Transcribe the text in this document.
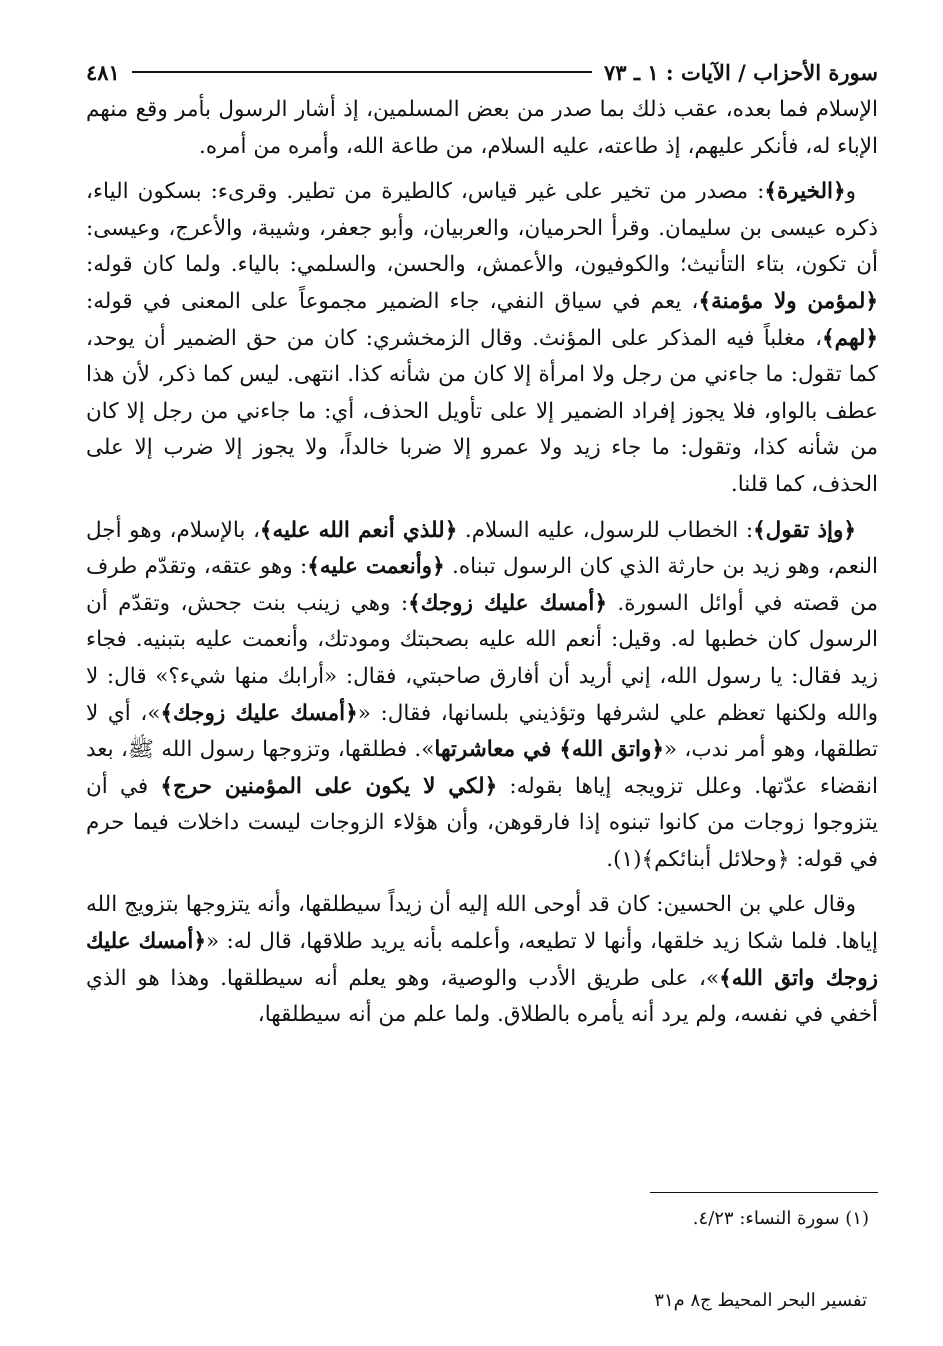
سورة الأحزاب / الآيات : ١ ـ ٧٣
٤٨١

الإسلام فما بعده، عقب ذلك بما صدر من بعض المسلمين، إذ أشار الرسول بأمر وقع منهم الإباء له، فأنكر عليهم، إذ طاعته، عليه السلام، من طاعة الله، وأمره من أمره.

و﴿الخيرة﴾: مصدر من تخير على غير قياس، كالطيرة من تطير. وقرىء: بسكون الياء، ذكره عيسى بن سليمان. وقرأ الحرميان، والعربيان، وأبو جعفر، وشيبة، والأعرج، وعيسى: أن تكون، بتاء التأنيث؛ والكوفيون، والأعمش، والحسن، والسلمي: بالياء. ولما كان قوله: ﴿لمؤمن ولا مؤمنة﴾، يعم في سياق النفي، جاء الضمير مجموعاً على المعنى في قوله: ﴿لهم﴾، مغلباً فيه المذكر على المؤنث. وقال الزمخشري: كان من حق الضمير أن يوحد، كما تقول: ما جاءني من رجل ولا امرأة إلا كان من شأنه كذا. انتهى. ليس كما ذكر، لأن هذا عطف بالواو، فلا يجوز إفراد الضمير إلا على تأويل الحذف، أي: ما جاءني من رجل إلا كان من شأنه كذا، وتقول: ما جاء زيد ولا عمرو إلا ضربا خالداً، ولا يجوز إلا ضرب إلا على الحذف، كما قلنا.

﴿وإذ تقول﴾: الخطاب للرسول، عليه السلام. ﴿للذي أنعم الله عليه﴾، بالإسلام، وهو أجل النعم، وهو زيد بن حارثة الذي كان الرسول تبناه. ﴿وأنعمت عليه﴾: وهو عتقه، وتقدّم طرف من قصته في أوائل السورة. ﴿أمسك عليك زوجك﴾: وهي زينب بنت جحش، وتقدّم أن الرسول كان خطبها له. وقيل: أنعم الله عليه بصحبتك ومودتك، وأنعمت عليه بتبنيه. فجاء زيد فقال: يا رسول الله، إني أريد أن أفارق صاحبتي، فقال: «أرابك منها شيء؟» قال: لا والله ولكنها تعظم علي لشرفها وتؤذيني بلسانها، فقال: «﴿أمسك عليك زوجك﴾»، أي لا تطلقها، وهو أمر ندب، «﴿واتق الله﴾ في معاشرتها». فطلقها، وتزوجها رسول الله ﷺ، بعد انقضاء عدّتها. وعلل تزويجه إياها بقوله: ﴿لكي لا يكون على المؤمنين حرج﴾ في أن يتزوجوا زوجات من كانوا تبنوه إذا فارقوهن، وأن هؤلاء الزوجات ليست داخلات فيما حرم في قوله: ﴿وحلائل أبنائكم﴾(١).

وقال علي بن الحسين: كان قد أوحى الله إليه أن زيداً سيطلقها، وأنه يتزوجها بتزويج الله إياها. فلما شكا زيد خلقها، وأنها لا تطيعه، وأعلمه بأنه يريد طلاقها، قال له: «﴿أمسك عليك زوجك واتق الله﴾»، على طريق الأدب والوصية، وهو يعلم أنه سيطلقها. وهذا هو الذي أخفي في نفسه، ولم يرد أنه يأمره بالطلاق. ولما علم من أنه سيطلقها،

(١) سورة النساء: ٤/٢٣.
تفسير البحر المحيط ج٨ م٣١
